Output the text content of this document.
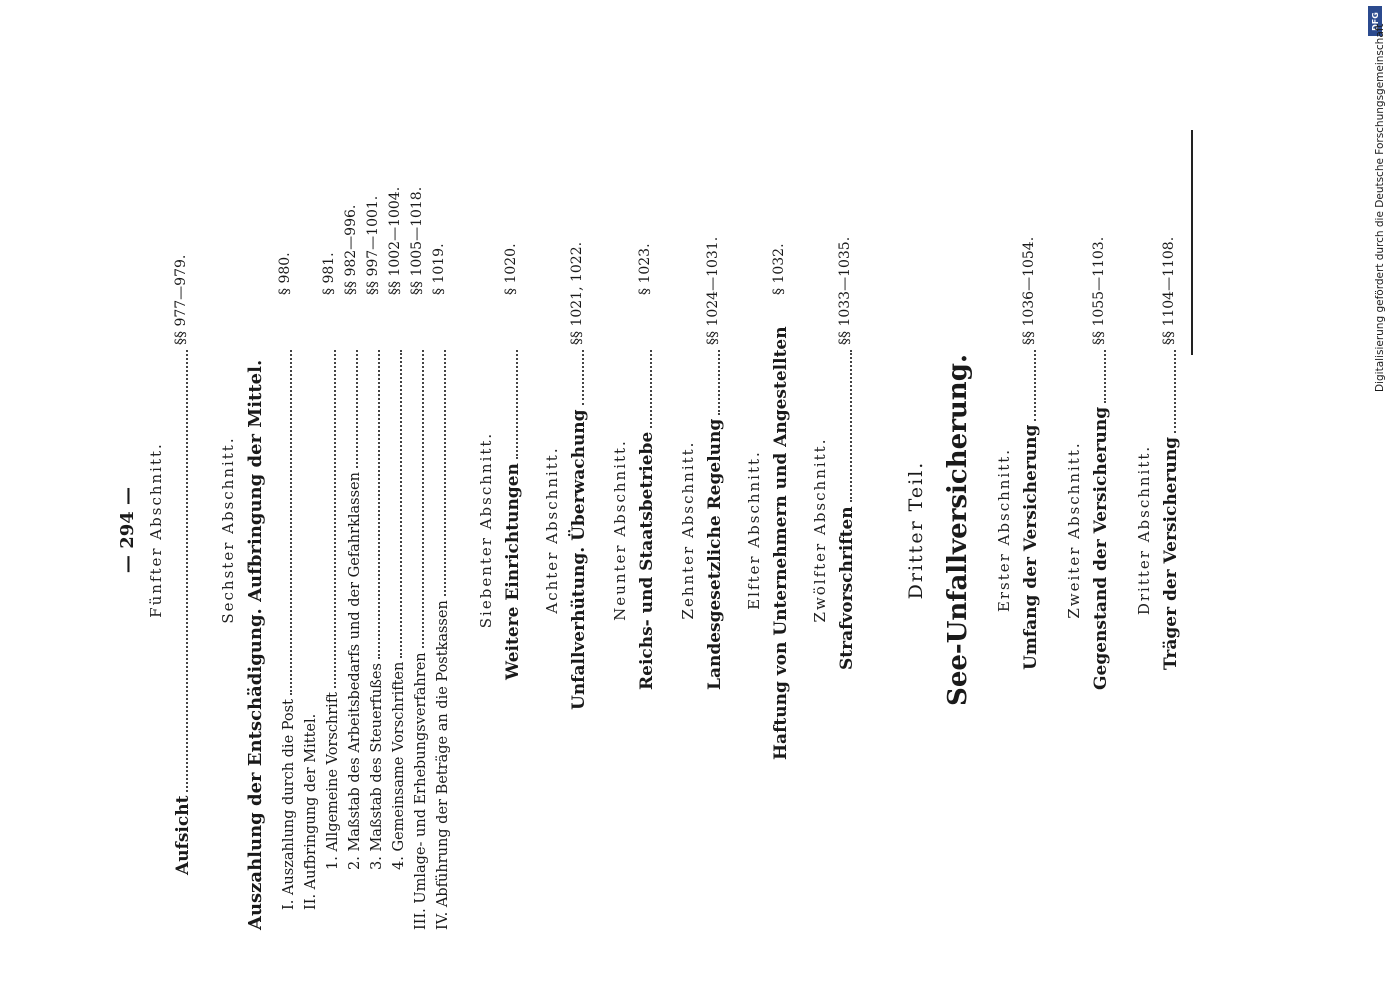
— 294 — Fünfter Abschnitt.
Aufsicht
§§ 977—979.
Sechster Abschnitt. Auszahlung der Entschädigung. Aufbringung der Mittel. I. Auszahlung durch die Post
§ 980.
II. Aufbringung der Mittel. 1. Allgemeine Vorschrift
§ 981.
2. Maßstab des Arbeitsbedarfs und der Gefahrklassen
§§ 982—996.
3. Maßstab des Steuerfußes
§§ 997—1001.
4. Gemeinsame Vorschriften
§§ 1002—1004.
III. Umlage- und Erhebungsverfahren
§§ 1005—1018.
IV. Abführung der Beträge an die Postkassen
§ 1019.
Siebenter Abschnitt. Weitere Einrichtungen
§ 1020.
Achter Abschnitt. Unfallverhütung. Überwachung
§§ 1021, 1022.
Neunter Abschnitt. Reichs- und Staatsbetriebe
§ 1023.
Zehnter Abschnitt. Landesgesetzliche Regelung
§§ 1024—1031.
Elfter Abschnitt. Haftung von Unternehmern und Angestellten
§ 1032.
Zwölfter Abschnitt. Strafvorschriften
§§ 1033—1035.
Dritter Teil. See-Unfallversicherung. Erster Abschnitt. Umfang der Versicherung
§§ 1036—1054.
Zweiter Abschnitt. Gegenstand der Versicherung
§§ 1055—1103.
Dritter Abschnitt. Träger der Versicherung
§§ 1104—1108.
DFG
Digitalisierung gefördert durch die Deutsche Forschungsgemeinschaft
